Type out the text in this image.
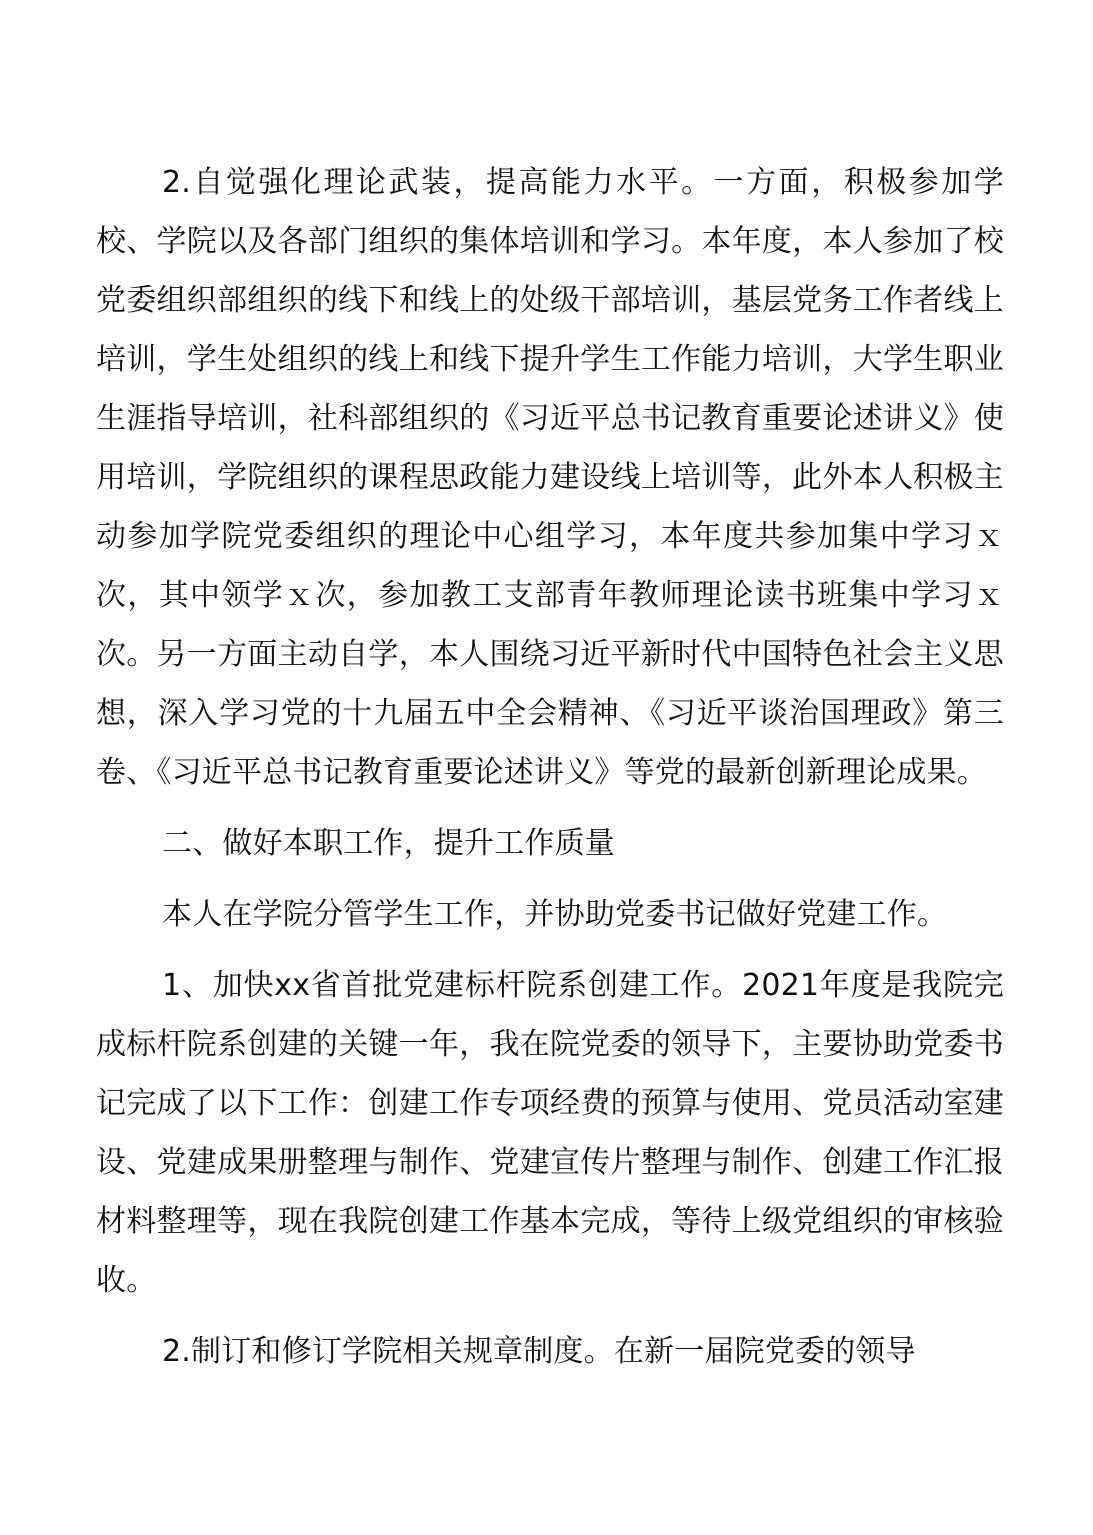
2.自觉强化理论武装，提高能力水平。一方面，积极参加学校、学院以及各部门组织的集体培训和学习。本年度，本人参加了校党委组织部组织的线下和线上的处级干部培训，基层党务工作者线上培训，学生处组织的线上和线下提升学生工作能力培训，大学生职业生涯指导培训，社科部组织的《习近平总书记教育重要论述讲义》使用培训，学院组织的课程思政能力建设线上培训等，此外本人积极主动参加学院党委组织的理论中心组学习，本年度共参加集中学习ｘ次，其中领学ｘ次，参加教工支部青年教师理论读书班集中学习ｘ次。另一方面主动自学，本人围绕习近平新时代中国特色社会主义思想，深入学习党的十九届五中全会精神、《习近平谈治国理政》第三卷、《习近平总书记教育重要论述讲义》等党的最新创新理论成果。

二、做好本职工作，提升工作质量

本人在学院分管学生工作，并协助党委书记做好党建工作。

1、加快xx省首批党建标杆院系创建工作。2021年度是我院完成标杆院系创建的关键一年，我在院党委的领导下，主要协助党委书记完成了以下工作：创建工作专项经费的预算与使用、党员活动室建设、党建成果册整理与制作、党建宣传片整理与制作、创建工作汇报材料整理等，现在我院创建工作基本完成，等待上级党组织的审核验收。

2.制订和修订学院相关规章制度。在新一届院党委的领导
